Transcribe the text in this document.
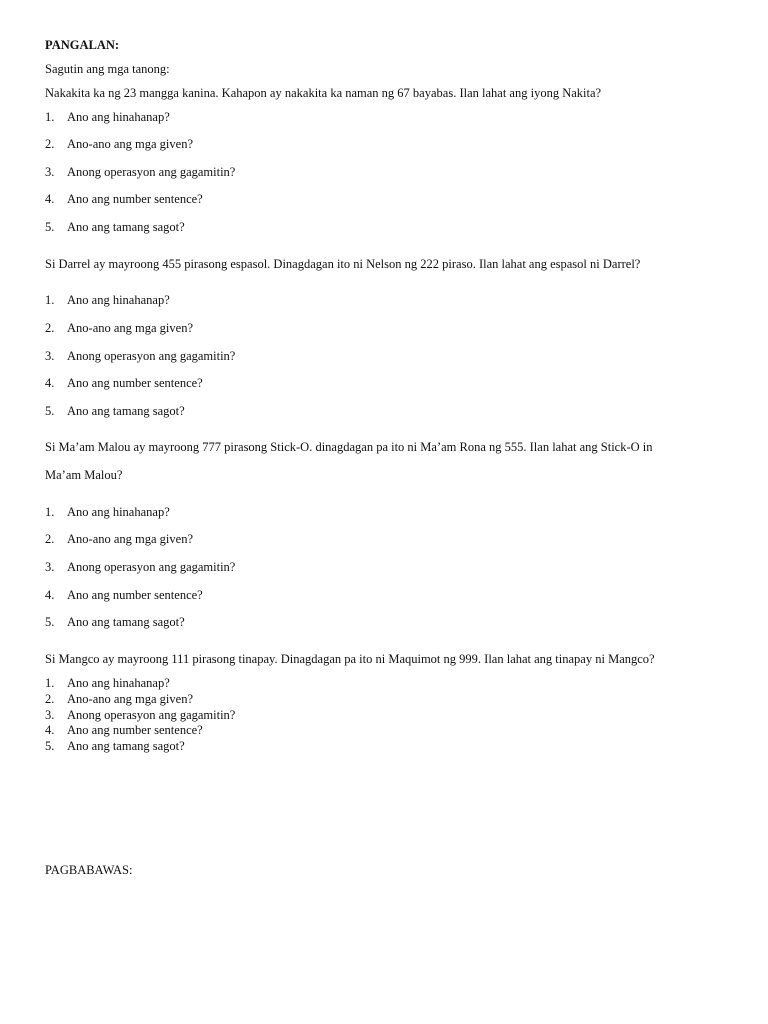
PANGALAN:
Sagutin ang mga tanong:
Nakakita ka ng 23 mangga kanina. Kahapon ay nakakita ka naman ng 67 bayabas. Ilan lahat ang iyong Nakita?
1. Ano ang hinahanap?
2. Ano-ano ang mga given?
3. Anong operasyon ang gagamitin?
4. Ano ang number sentence?
5. Ano ang tamang sagot?
Si Darrel ay mayroong 455 pirasong espasol. Dinagdagan ito ni Nelson ng 222 piraso. Ilan lahat ang espasol ni Darrel?
1. Ano ang hinahanap?
2. Ano-ano ang mga given?
3. Anong operasyon ang gagamitin?
4. Ano ang number sentence?
5. Ano ang tamang sagot?
Si Ma’am Malou ay mayroong 777 pirasong Stick-O. dinagdagan pa ito ni Ma’am Rona ng 555. Ilan lahat ang Stick-O in
Ma’am Malou?
1. Ano ang hinahanap?
2. Ano-ano ang mga given?
3. Anong operasyon ang gagamitin?
4. Ano ang number sentence?
5. Ano ang tamang sagot?
Si Mangco ay mayroong 111 pirasong tinapay. Dinagdagan pa ito ni Maquimot ng 999. Ilan lahat ang tinapay ni Mangco?
1. Ano ang hinahanap?
2. Ano-ano ang mga given?
3. Anong operasyon ang gagamitin?
4. Ano ang number sentence?
5. Ano ang tamang sagot?
PAGBABAWAS:
